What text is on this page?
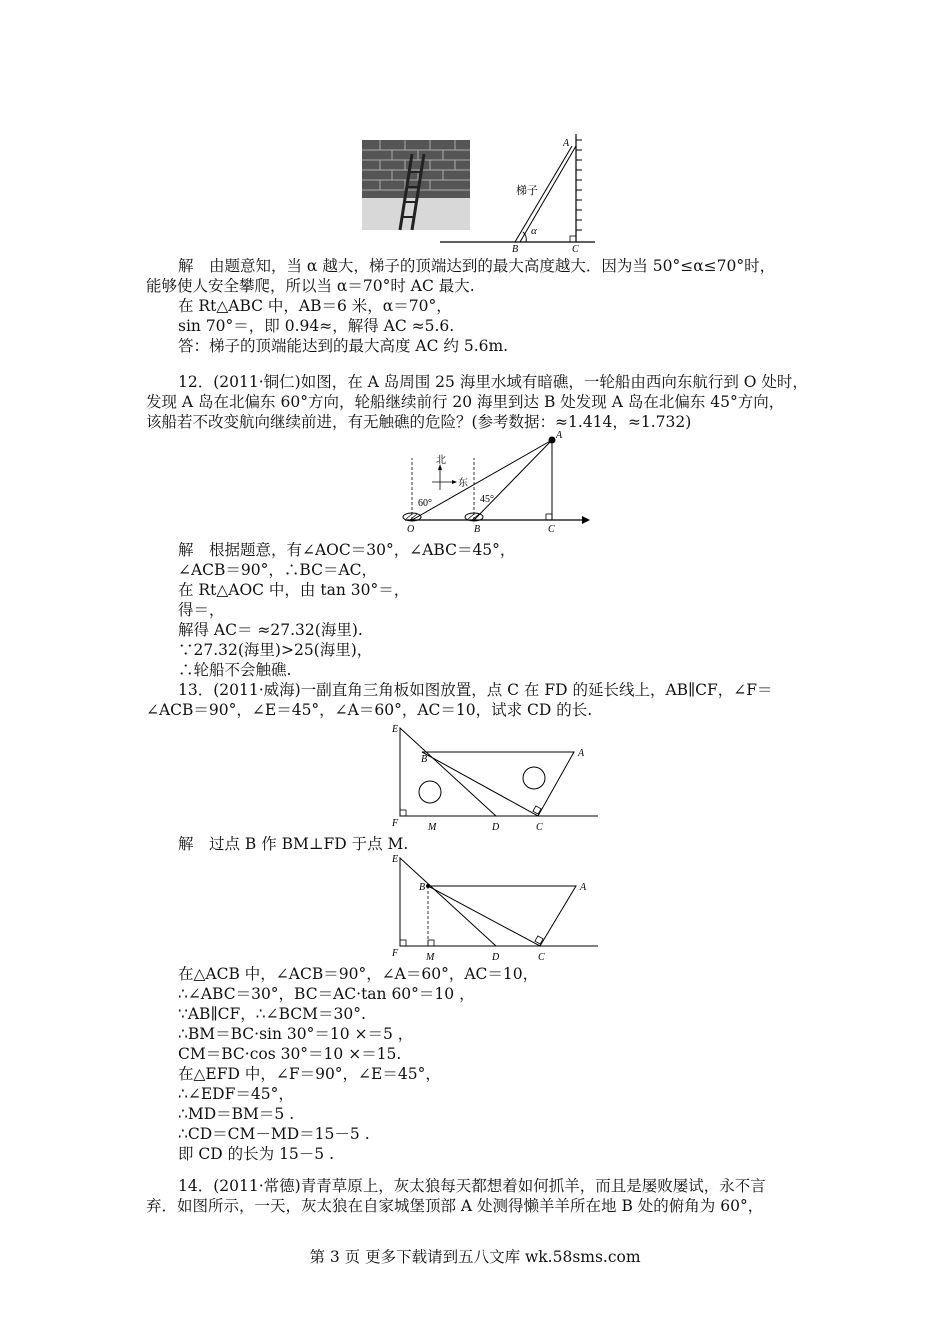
梯子
A
B	C
α
解　由题意知，当 α 越大，梯子的顶端达到的最大高度越大．因为当 50°≤α≤70°时，
能够使人安全攀爬，所以当 α＝70°时 AC 最大.
在 Rt△ABC 中，AB＝6 米，α＝70°，
sin 70°＝，即 0.94≈，解得 AC ≈5.6.
答：梯子的顶端能达到的最大高度 AC 约 5.6m.
12．(2011·铜仁)如图，在 A 岛周围 25 海里水域有暗礁，一轮船由西向东航行到 O 处时，
发现 A 岛在北偏东 60°方向，轮船继续前行 20 海里到达 B 处发现 A 岛在北偏东 45°方向，
该船若不改变航向继续前进，有无触礁的危险？(参考数据：≈1.414，≈1.732)
北
东
60°	45°
O	B	C
A
解　根据题意，有∠AOC＝30°，∠ABC＝45°，
∠ACB＝90°，∴BC＝AC，
在 Rt△AOC 中，由 tan 30°＝，
得＝，
解得 AC＝ ≈27.32(海里).
∵27.32(海里)>25(海里)，
∴轮船不会触礁.
13．(2011·威海)一副直角三角板如图放置，点 C 在 FD 的延长线上，AB∥CF，∠F＝
∠ACB＝90°，∠E＝45°，∠A＝60°，AC＝10，试求 CD 的长.
E
B
A
F	M	D	C
解　过点 B 作 BM⊥FD 于点 M.
E
B	A
F	M	D	C
在△ACB 中，∠ACB＝90°，∠A＝60°，AC＝10，
∴∠ABC＝30°，BC＝AC·tan 60°＝10 ，
∵AB∥CF，∴∠BCM＝30°.
∴BM＝BC·sin 30°＝10 ×＝5 ，
CM＝BC·cos 30°＝10 ×＝15.
在△EFD 中，∠F＝90°，∠E＝45°，
∴∠EDF＝45°，
∴MD＝BM＝5 .
∴CD＝CM－MD＝15－5 .
即 CD 的长为 15－5 .
14．(2011·常德)青青草原上，灰太狼每天都想着如何抓羊，而且是屡败屡试，永不言
弃．如图所示，一天，灰太狼在自家城堡顶部 A 处测得懒羊羊所在地 B 处的俯角为 60°，
第 3 页 更多下载请到五八文库 wk.58sms.com
